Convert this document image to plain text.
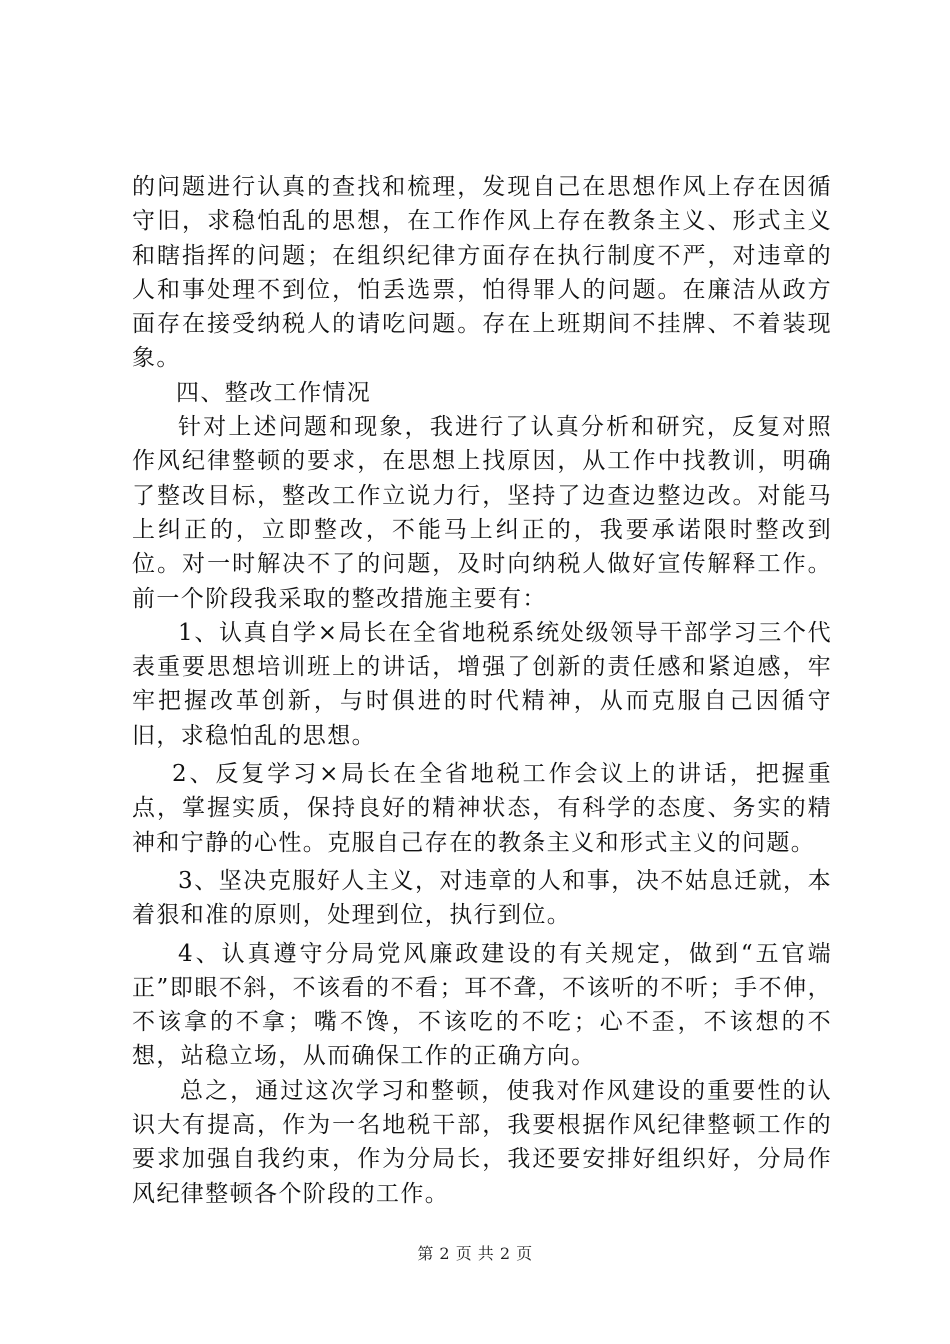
的问题进行认真的查找和梳理，发现自己在思想作风上存在因循守旧，求稳怕乱的思想，在工作作风上存在教条主义、形式主义和瞎指挥的问题；在组织纪律方面存在执行制度不严，对违章的人和事处理不到位，怕丢选票，怕得罪人的问题。在廉洁从政方面存在接受纳税人的请吃问题。存在上班期间不挂牌、不着装现象。

四、整改工作情况

针对上述问题和现象，我进行了认真分析和研究，反复对照作风纪律整顿的要求，在思想上找原因，从工作中找教训，明确了整改目标，整改工作立说力行，坚持了边查边整边改。对能马上纠正的，立即整改，不能马上纠正的，我要承诺限时整改到位。对一时解决不了的问题，及时向纳税人做好宣传解释工作。前一个阶段我采取的整改措施主要有：

1、认真自学×局长在全省地税系统处级领导干部学习三个代表重要思想培训班上的讲话，增强了创新的责任感和紧迫感，牢牢把握改革创新，与时俱进的时代精神，从而克服自己因循守旧，求稳怕乱的思想。

2、反复学习×局长在全省地税工作会议上的讲话，把握重点，掌握实质，保持良好的精神状态，有科学的态度、务实的精神和宁静的心性。克服自己存在的教条主义和形式主义的问题。

3、坚决克服好人主义，对违章的人和事，决不姑息迁就，本着狠和准的原则，处理到位，执行到位。

4、认真遵守分局党风廉政建设的有关规定，做到“五官端正”即眼不斜，不该看的不看；耳不聋，不该听的不听；手不伸，不该拿的不拿；嘴不馋，不该吃的不吃；心不歪，不该想的不想，站稳立场，从而确保工作的正确方向。

总之，通过这次学习和整顿，使我对作风建设的重要性的认识大有提高，作为一名地税干部，我要根据作风纪律整顿工作的要求加强自我约束，作为分局长，我还要安排好组织好，分局作风纪律整顿各个阶段的工作。

第 2 页 共 2 页
